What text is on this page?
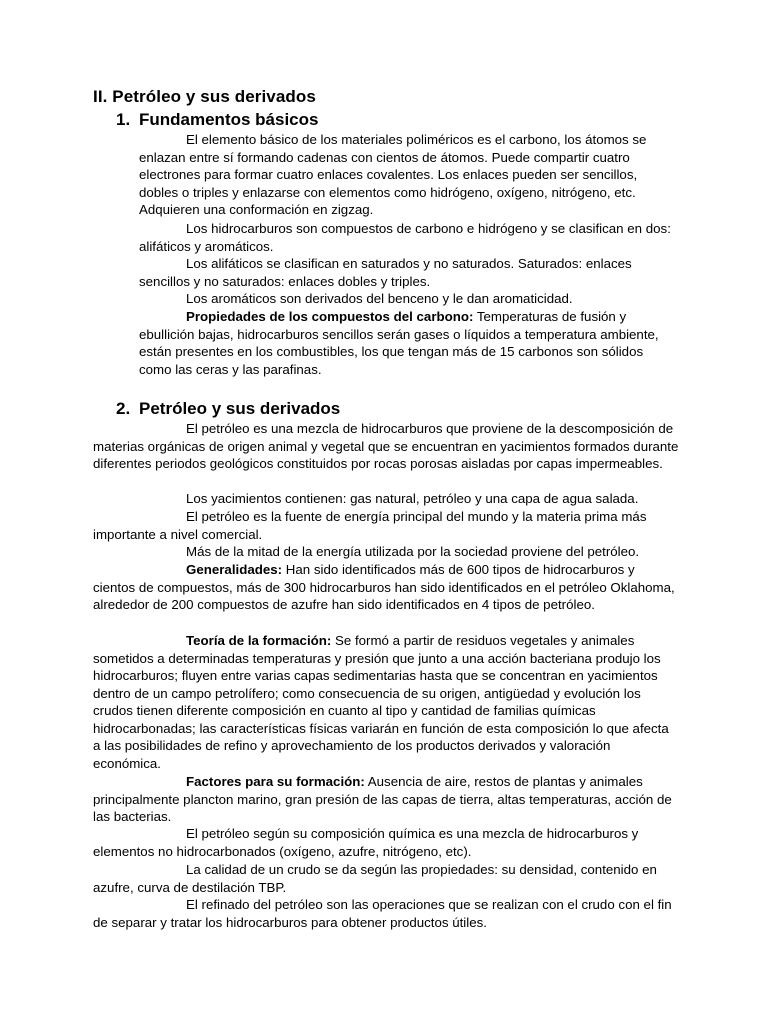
II. Petróleo y sus derivados
1. Fundamentos básicos

El elemento básico de los materiales poliméricos es el carbono, los átomos se enlazan entre sí formando cadenas con cientos de átomos. Puede compartir cuatro electrones para formar cuatro enlaces covalentes. Los enlaces pueden ser sencillos, dobles o triples y enlazarse con elementos como hidrógeno, oxígeno, nitrógeno, etc. Adquieren una conformación en zigzag.

Los hidrocarburos son compuestos de carbono e hidrógeno y se clasifican en dos: alifáticos y aromáticos.

Los alifáticos se clasifican en saturados y no saturados. Saturados: enlaces sencillos y no saturados: enlaces dobles y triples.

Los aromáticos son derivados del benceno y le dan aromaticidad.

Propiedades de los compuestos del carbono: Temperaturas de fusión y ebullición bajas, hidrocarburos sencillos serán gases o líquidos a temperatura ambiente, están presentes en los combustibles, los que tengan más de 15 carbonos son sólidos como las ceras y las parafinas.

2. Petróleo y sus derivados

El petróleo es una mezcla de hidrocarburos que proviene de la descomposición de materias orgánicas de origen animal y vegetal que se encuentran en yacimientos formados durante diferentes periodos geológicos constituidos por rocas porosas aisladas por capas impermeables.

Los yacimientos contienen: gas natural, petróleo y una capa de agua salada.

El petróleo es la fuente de energía principal del mundo y la materia prima más importante a nivel comercial.

Más de la mitad de la energía utilizada por la sociedad proviene del petróleo.

Generalidades: Han sido identificados más de 600 tipos de hidrocarburos y cientos de compuestos, más de 300 hidrocarburos han sido identificados en el petróleo Oklahoma, alrededor de 200 compuestos de azufre han sido identificados en 4 tipos de petróleo.

Teoría de la formación: Se formó a partir de residuos vegetales y animales sometidos a determinadas temperaturas y presión que junto a una acción bacteriana produjo los hidrocarburos; fluyen entre varias capas sedimentarias hasta que se concentran en yacimientos dentro de un campo petrolífero; como consecuencia de su origen, antigüedad y evolución los crudos tienen diferente composición en cuanto al tipo y cantidad de familias químicas hidrocarbonadas; las características físicas variarán en función de esta composición lo que afecta a las posibilidades de refino y aprovechamiento de los productos derivados y valoración económica.

Factores para su formación: Ausencia de aire, restos de plantas y animales principalmente plancton marino, gran presión de las capas de tierra, altas temperaturas, acción de las bacterias.

El petróleo según su composición química es una mezcla de hidrocarburos y elementos no hidrocarbonados (oxígeno, azufre, nitrógeno, etc).

La calidad de un crudo se da según las propiedades: su densidad, contenido en azufre, curva de destilación TBP.

El refinado del petróleo son las operaciones que se realizan con el crudo con el fin de separar y tratar los hidrocarburos para obtener productos útiles.
